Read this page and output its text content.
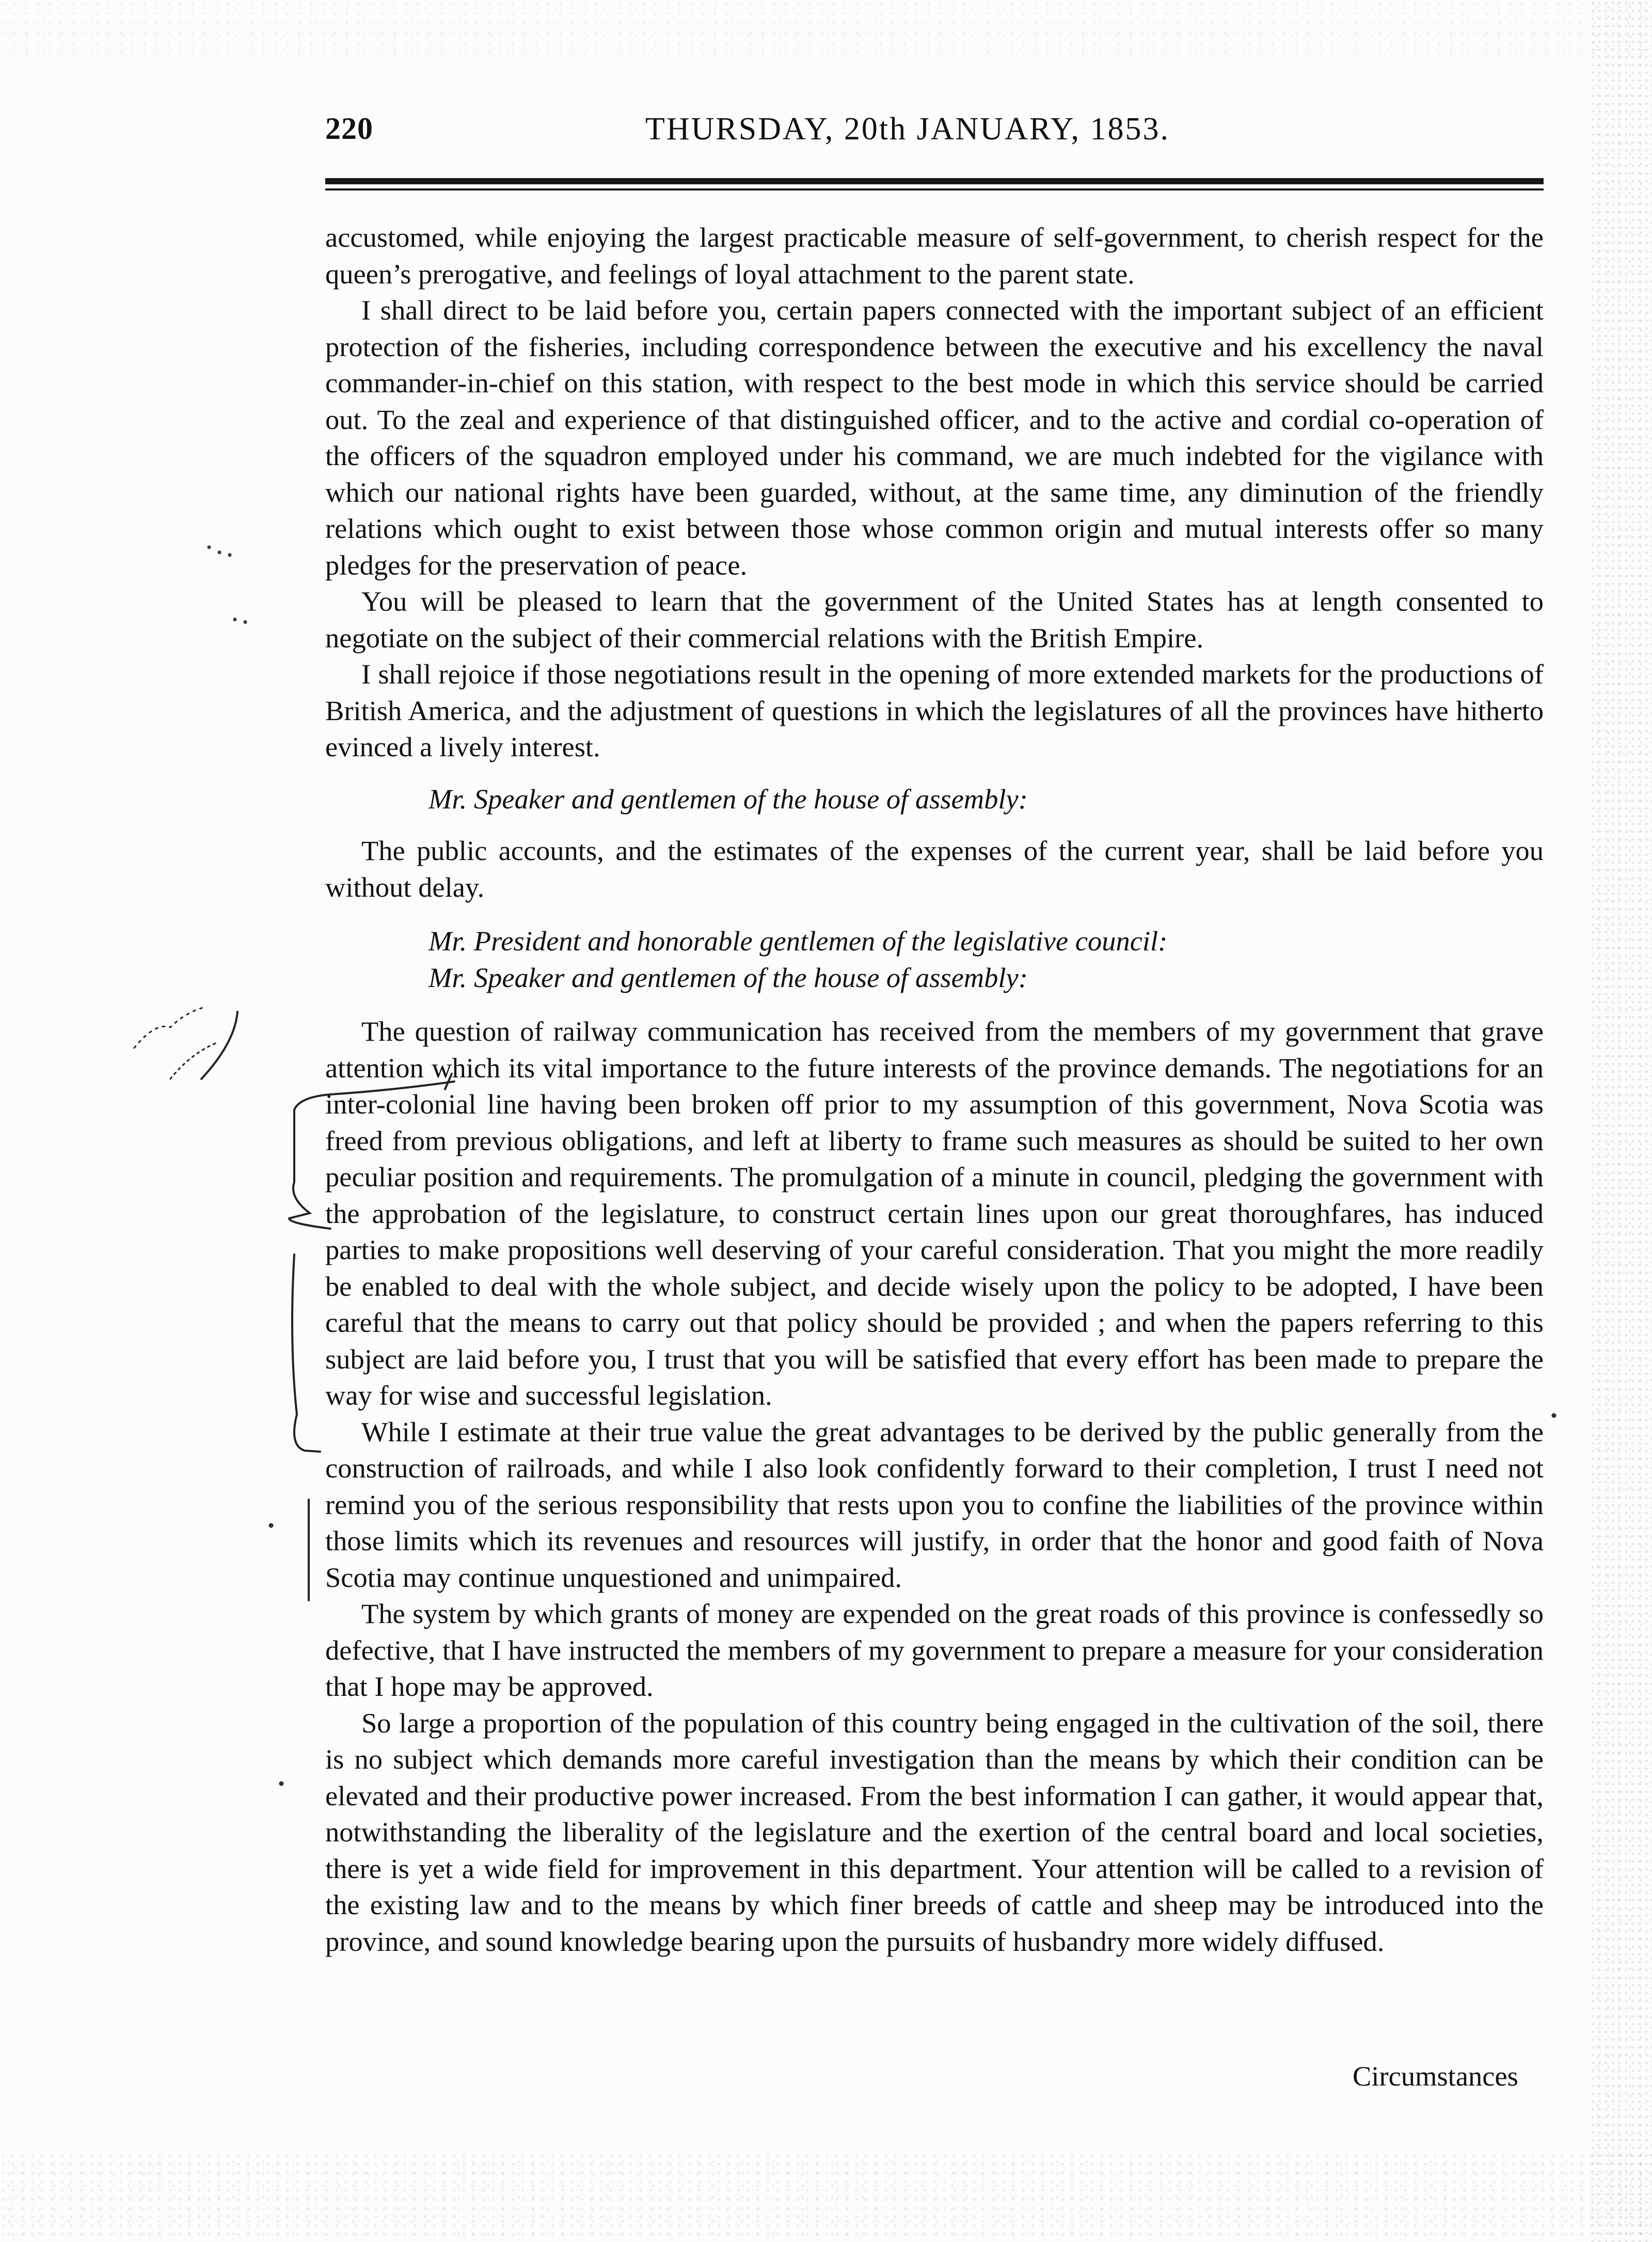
220	THURSDAY, 20th JANUARY, 1853.

accustomed, while enjoying the largest practicable measure of self-government, to cherish respect for the queen’s prerogative, and feelings of loyal attachment to the parent state.

I shall direct to be laid before you, certain papers connected with the important subject of an efficient protection of the fisheries, including correspondence between the executive and his excellency the naval commander-in-chief on this station, with respect to the best mode in which this service should be carried out. To the zeal and experience of that distinguished officer, and to the active and cordial co-operation of the officers of the squadron employed under his command, we are much indebted for the vigilance with which our national rights have been guarded, without, at the same time, any diminution of the friendly relations which ought to exist between those whose common origin and mutual interests offer so many pledges for the preservation of peace.

You will be pleased to learn that the government of the United States has at length consented to negotiate on the subject of their commercial relations with the British Empire.

I shall rejoice if those negotiations result in the opening of more extended markets for the productions of British America, and the adjustment of questions in which the legislatures of all the provinces have hitherto evinced a lively interest.

Mr. Speaker and gentlemen of the house of assembly:

The public accounts, and the estimates of the expenses of the current year, shall be laid before you without delay.

Mr. President and honorable gentlemen of the legislative council:

Mr. Speaker and gentlemen of the house of assembly:

The question of railway communication has received from the members of my government that grave attention which its vital importance to the future interests of the province demands. The negotiations for an inter-colonial line having been broken off prior to my assumption of this government, Nova Scotia was freed from previous obligations, and left at liberty to frame such measures as should be suited to her own peculiar position and requirements. The promulgation of a minute in council, pledging the government with the approbation of the legislature, to construct certain lines upon our great thoroughfares, has induced parties to make propositions well deserving of your careful consideration. That you might the more readily be enabled to deal with the whole subject, and decide wisely upon the policy to be adopted, I have been careful that the means to carry out that policy should be provided ; and when the papers referring to this subject are laid before you, I trust that you will be satisfied that every effort has been made to prepare the way for wise and successful legislation.

While I estimate at their true value the great advantages to be derived by the public generally from the construction of railroads, and while I also look confidently forward to their completion, I trust I need not remind you of the serious responsibility that rests upon you to confine the liabilities of the province within those limits which its revenues and resources will justify, in order that the honor and good faith of Nova Scotia may continue unquestioned and unimpaired.

The system by which grants of money are expended on the great roads of this province is confessedly so defective, that I have instructed the members of my government to prepare a measure for your consideration that I hope may be approved.

So large a proportion of the population of this country being engaged in the cultivation of the soil, there is no subject which demands more careful investigation than the means by which their condition can be elevated and their productive power increased. From the best information I can gather, it would appear that, notwithstanding the liberality of the legislature and the exertion of the central board and local societies, there is yet a wide field for improvement in this department. Your attention will be called to a revision of the existing law and to the means by which finer breeds of cattle and sheep may be introduced into the province, and sound knowledge bearing upon the pursuits of husbandry more widely diffused.

Circumstances
